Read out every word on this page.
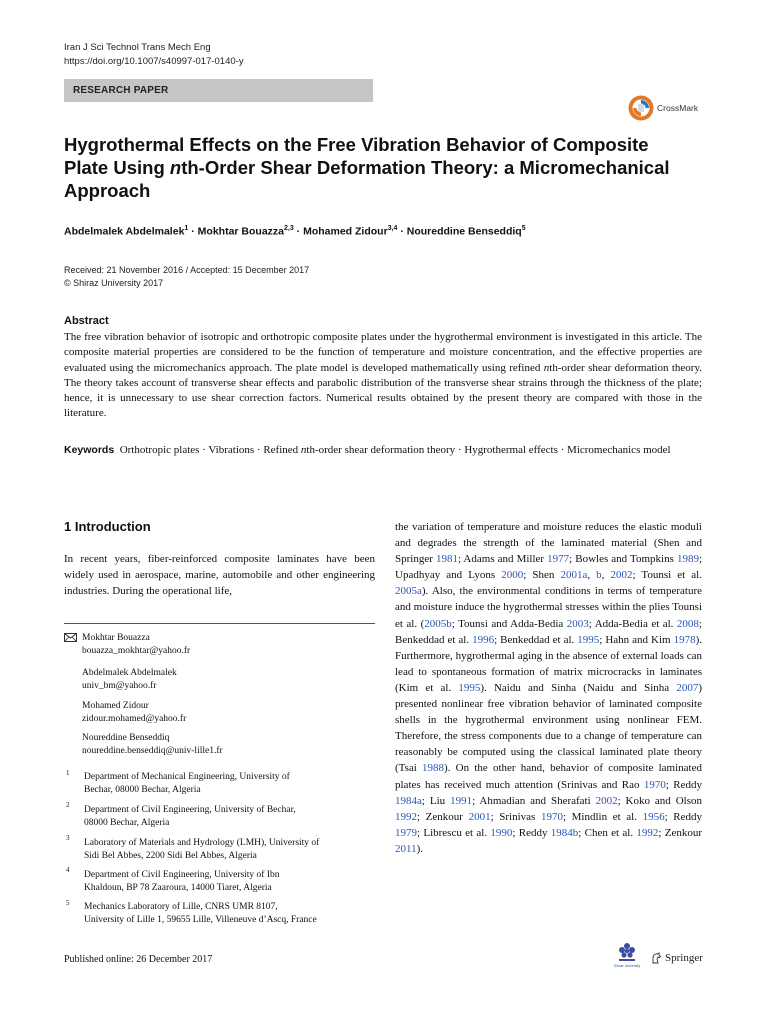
Iran J Sci Technol Trans Mech Eng
https://doi.org/10.1007/s40997-017-0140-y
RESEARCH PAPER
CrossMark
Hygrothermal Effects on the Free Vibration Behavior of Composite
Plate Using nth-Order Shear Deformation Theory: a Micromechanical
Approach
Abdelmalek Abdelmalek$^1$ · Mokhtar Bouazza$^{2,3}$ · Mohamed Zidour$^{3,4}$ · Noureddine Benseddiq$^5$
Received: 21 November 2016 / Accepted: 15 December 2017
© Shiraz University 2017
Abstract
The free vibration behavior of isotropic and orthotropic composite plates under the hygrothermal environment is investigated in this article. The composite material properties are considered to be the function of temperature and moisture concentration, and the effective properties are evaluated using the micromechanics approach. The plate model is developed mathematically using refined nth-order shear deformation theory. The theory takes account of transverse shear effects and parabolic distribution of the transverse shear strains through the thickness of the plate; hence, it is unnecessary to use shear correction factors. Numerical results obtained by the present theory are compared with those in the literature.
Keywords Orthotropic plates · Vibrations · Refined nth-order shear deformation theory · Hygrothermal effects · Micromechanics model
1 Introduction
In recent years, fiber-reinforced composite laminates have been widely used in aerospace, marine, automobile and other engineering industries. During the operational life,
the variation of temperature and moisture reduces the elastic moduli and degrades the strength of the laminated material (Shen and Springer 1981; Adams and Miller 1977; Bowles and Tompkins 1989; Upadhyay and Lyons 2000; Shen 2001a, b, 2002; Tounsi et al. 2005a). Also, the environmental conditions in terms of temperature and moisture induce the hygrothermal stresses within the plies Tounsi et al. (2005b; Tounsi and Adda-Bedia 2003; Adda-Bedia et al. 2008; Benkeddad et al. 1996; Benkeddad et al. 1995; Hahn and Kim 1978). Furthermore, hygrothermal aging in the absence of external loads can lead to spontaneous formation of matrix microcracks in laminates (Kim et al. 1995). Naidu and Sinha (Naidu and Sinha 2007) presented nonlinear free vibration behavior of laminated composite shells in the hygrothermal environment using nonlinear FEM. Therefore, the stress components due to a change of temperature can reasonably be computed using the classical laminated plate theory (Tsai 1988). On the other hand, behavior of composite laminated plates has received much attention (Srinivas and Rao 1970; Reddy 1984a; Liu 1991; Ahmadian and Sherafati 2002; Koko and Olson 1992; Zenkour 2001; Srinivas 1970; Mindlin et al. 1956; Reddy 1979; Librescu et al. 1990; Reddy 1984b; Chen et al. 1992; Zenkour 2011).
Mokhtar Bouazza
bouazza_mokhtar@yahoo.fr
Abdelmalek Abdelmalek
univ_bm@yahoo.fr
Mohamed Zidour
zidour.mohamed@yahoo.fr
Noureddine Benseddiq
noureddine.benseddiq@univ-lille1.fr
1 Department of Mechanical Engineering, University of
Bechar, 08000 Bechar, Algeria
2 Department of Civil Engineering, University of Bechar,
08000 Bechar, Algeria
3 Laboratory of Materials and Hydrology (LMH), University of
Sidi Bel Abbes, 2200 Sidi Bel Abbes, Algeria
4 Department of Civil Engineering, University of Ibn
Khaldoun, BP 78 Zaaroura, 14000 Tiaret, Algeria
5 Mechanics Laboratory of Lille, CNRS UMR 8107,
University of Lille 1, 59655 Lille, Villeneuve d’Ascq, France
Published online: 26 December 2017
Shiraz University
Springer
